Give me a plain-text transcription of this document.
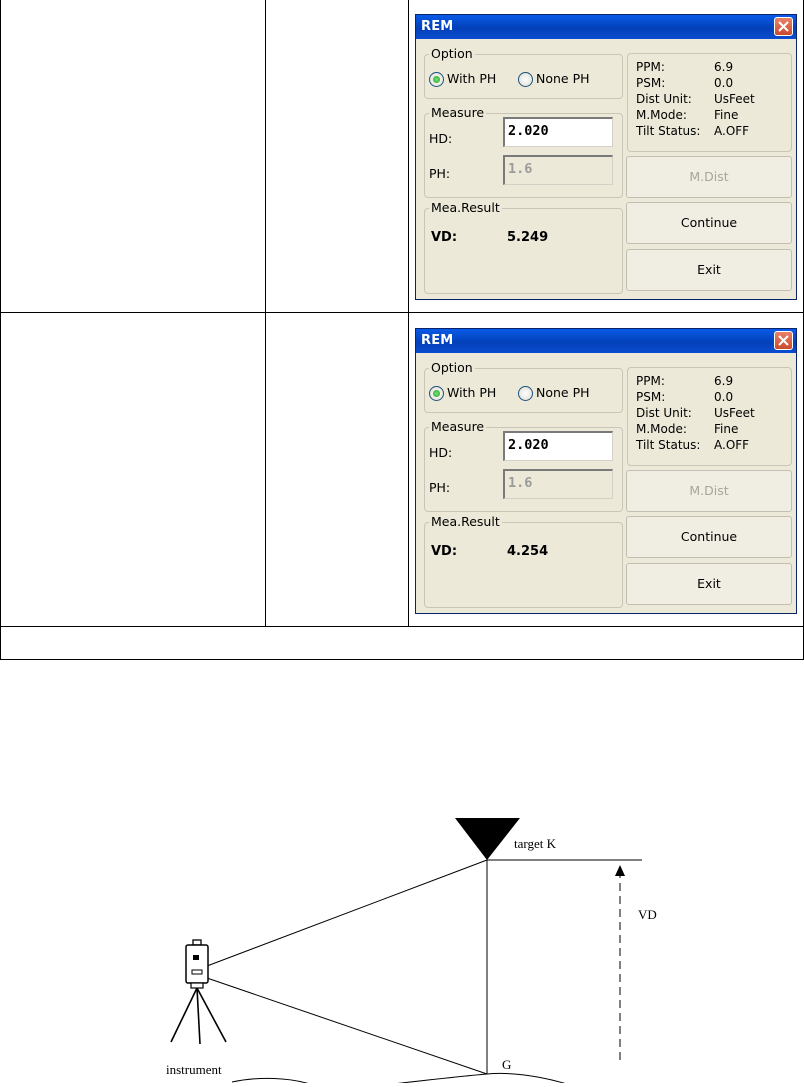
REM
Option
With PH	None PH
Measure
HD:	2.020
PH:	1.6
Mea.Result
VD:	5.249
PPM:	6.9
PSM:	0.0
Dist Unit: UsFeet
M.Mode: Fine
Tilt Status: A.OFF
M.Dist
Continue
Exit
REM
Option
With PH	None PH
Measure
HD:	2.020
PH:	1.6
Mea.Result
VD:	4.254
PPM:	6.9
PSM:	0.0
Dist Unit: UsFeet
M.Mode: Fine
Tilt Status: A.OFF
M.Dist
Continue
Exit
target K
VD
G
instrument
